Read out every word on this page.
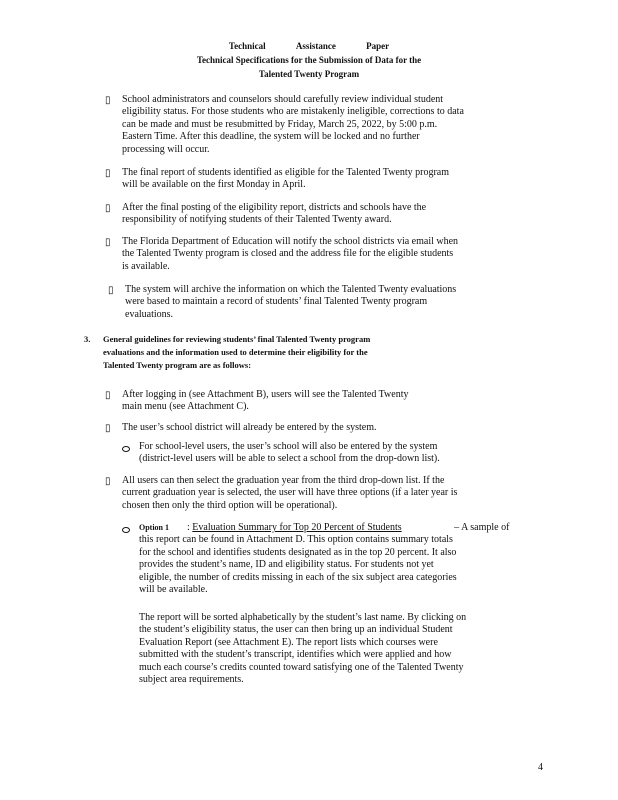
Technical	Assistance	Paper
Technical Specifications for the Submission of Data for the
Talented Twenty Program
▯ School administrators and counselors should carefully review individual student
eligibility status. For those students who are mistakenly ineligible, corrections to data
can be made and must be resubmitted by Friday, March 25, 2022, by 5:00 p.m.
Eastern Time. After this deadline, the system will be locked and no further
processing will occur.
▯ The final report of students identified as eligible for the Talented Twenty program
will be available on the first Monday in April.
▯ After the final posting of the eligibility report, districts and schools have the
responsibility of notifying students of their Talented Twenty award.
▯ The Florida Department of Education will notify the school districts via email when
the Talented Twenty program is closed and the address file for the eligible students
is available.
▯ The system will archive the information on which the Talented Twenty evaluations
were based to maintain a record of students’ final Talented Twenty program
evaluations.
3. General guidelines for reviewing students’ final Talented Twenty program
evaluations and the information used to determine their eligibility for the
Talented Twenty program are as follows:
▯ After logging in (see Attachment B), users will see the Talented Twenty
main menu (see Attachment C).
▯ The user’s school district will already be entered by the system.
For school-level users, the user’s school will also be entered by the system
(district-level users will be able to select a school from the drop-down list).
▯ All users can then select the graduation year from the third drop-down list. If the
current graduation year is selected, the user will have three options (if a later year is
chosen then only the third option will be operational).
Option 1 : Evaluation Summary for Top 20 Percent of Students	– A sample of
this report can be found in Attachment D. This option contains summary totals
for the school and identifies students designated as in the top 20 percent. It also
provides the student’s name, ID and eligibility status. For students not yet
eligible, the number of credits missing in each of the six subject area categories
will be available.
The report will be sorted alphabetically by the student’s last name. By clicking on
the student’s eligibility status, the user can then bring up an individual Student
Evaluation Report (see Attachment E). The report lists which courses were
submitted with the student’s transcript, identifies which were applied and how
much each course’s credits counted toward satisfying one of the Talented Twenty
subject area requirements.
4
